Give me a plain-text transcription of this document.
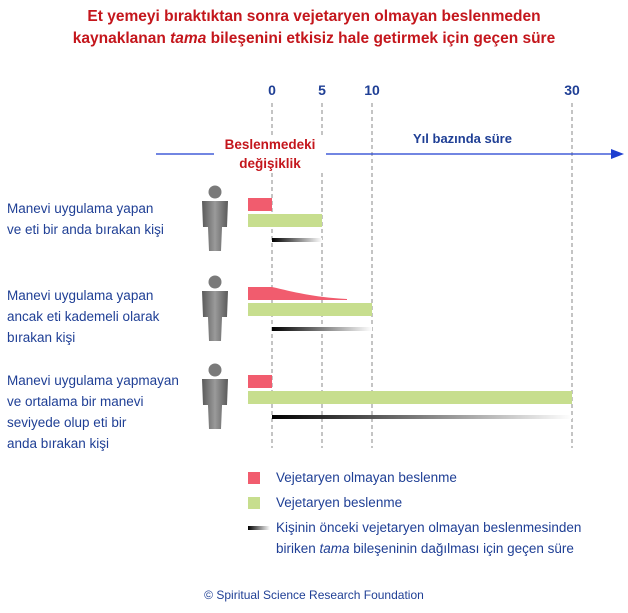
Et yemeyi bıraktıktan sonra vejetaryen olmayan beslenmeden
kaynaklanan tama bileşenini etkisiz hale getirmek için geçen süre
0	5	10	30
Beslenmedeki
değişiklik
Yıl bazında süre
Manevi uygulama yapan
ve eti bir anda bırakan kişi
Manevi uygulama yapan
ancak eti kademeli olarak
bırakan kişi
Manevi uygulama yapmayan
ve ortalama bir manevi
seviyede olup eti bir
anda bırakan kişi
Vejetaryen olmayan beslenme
Vejetaryen beslenme
Kişinin önceki vejetaryen olmayan beslenmesinden
biriken tama bileşeninin dağılması için geçen süre
© Spiritual Science Research Foundation
